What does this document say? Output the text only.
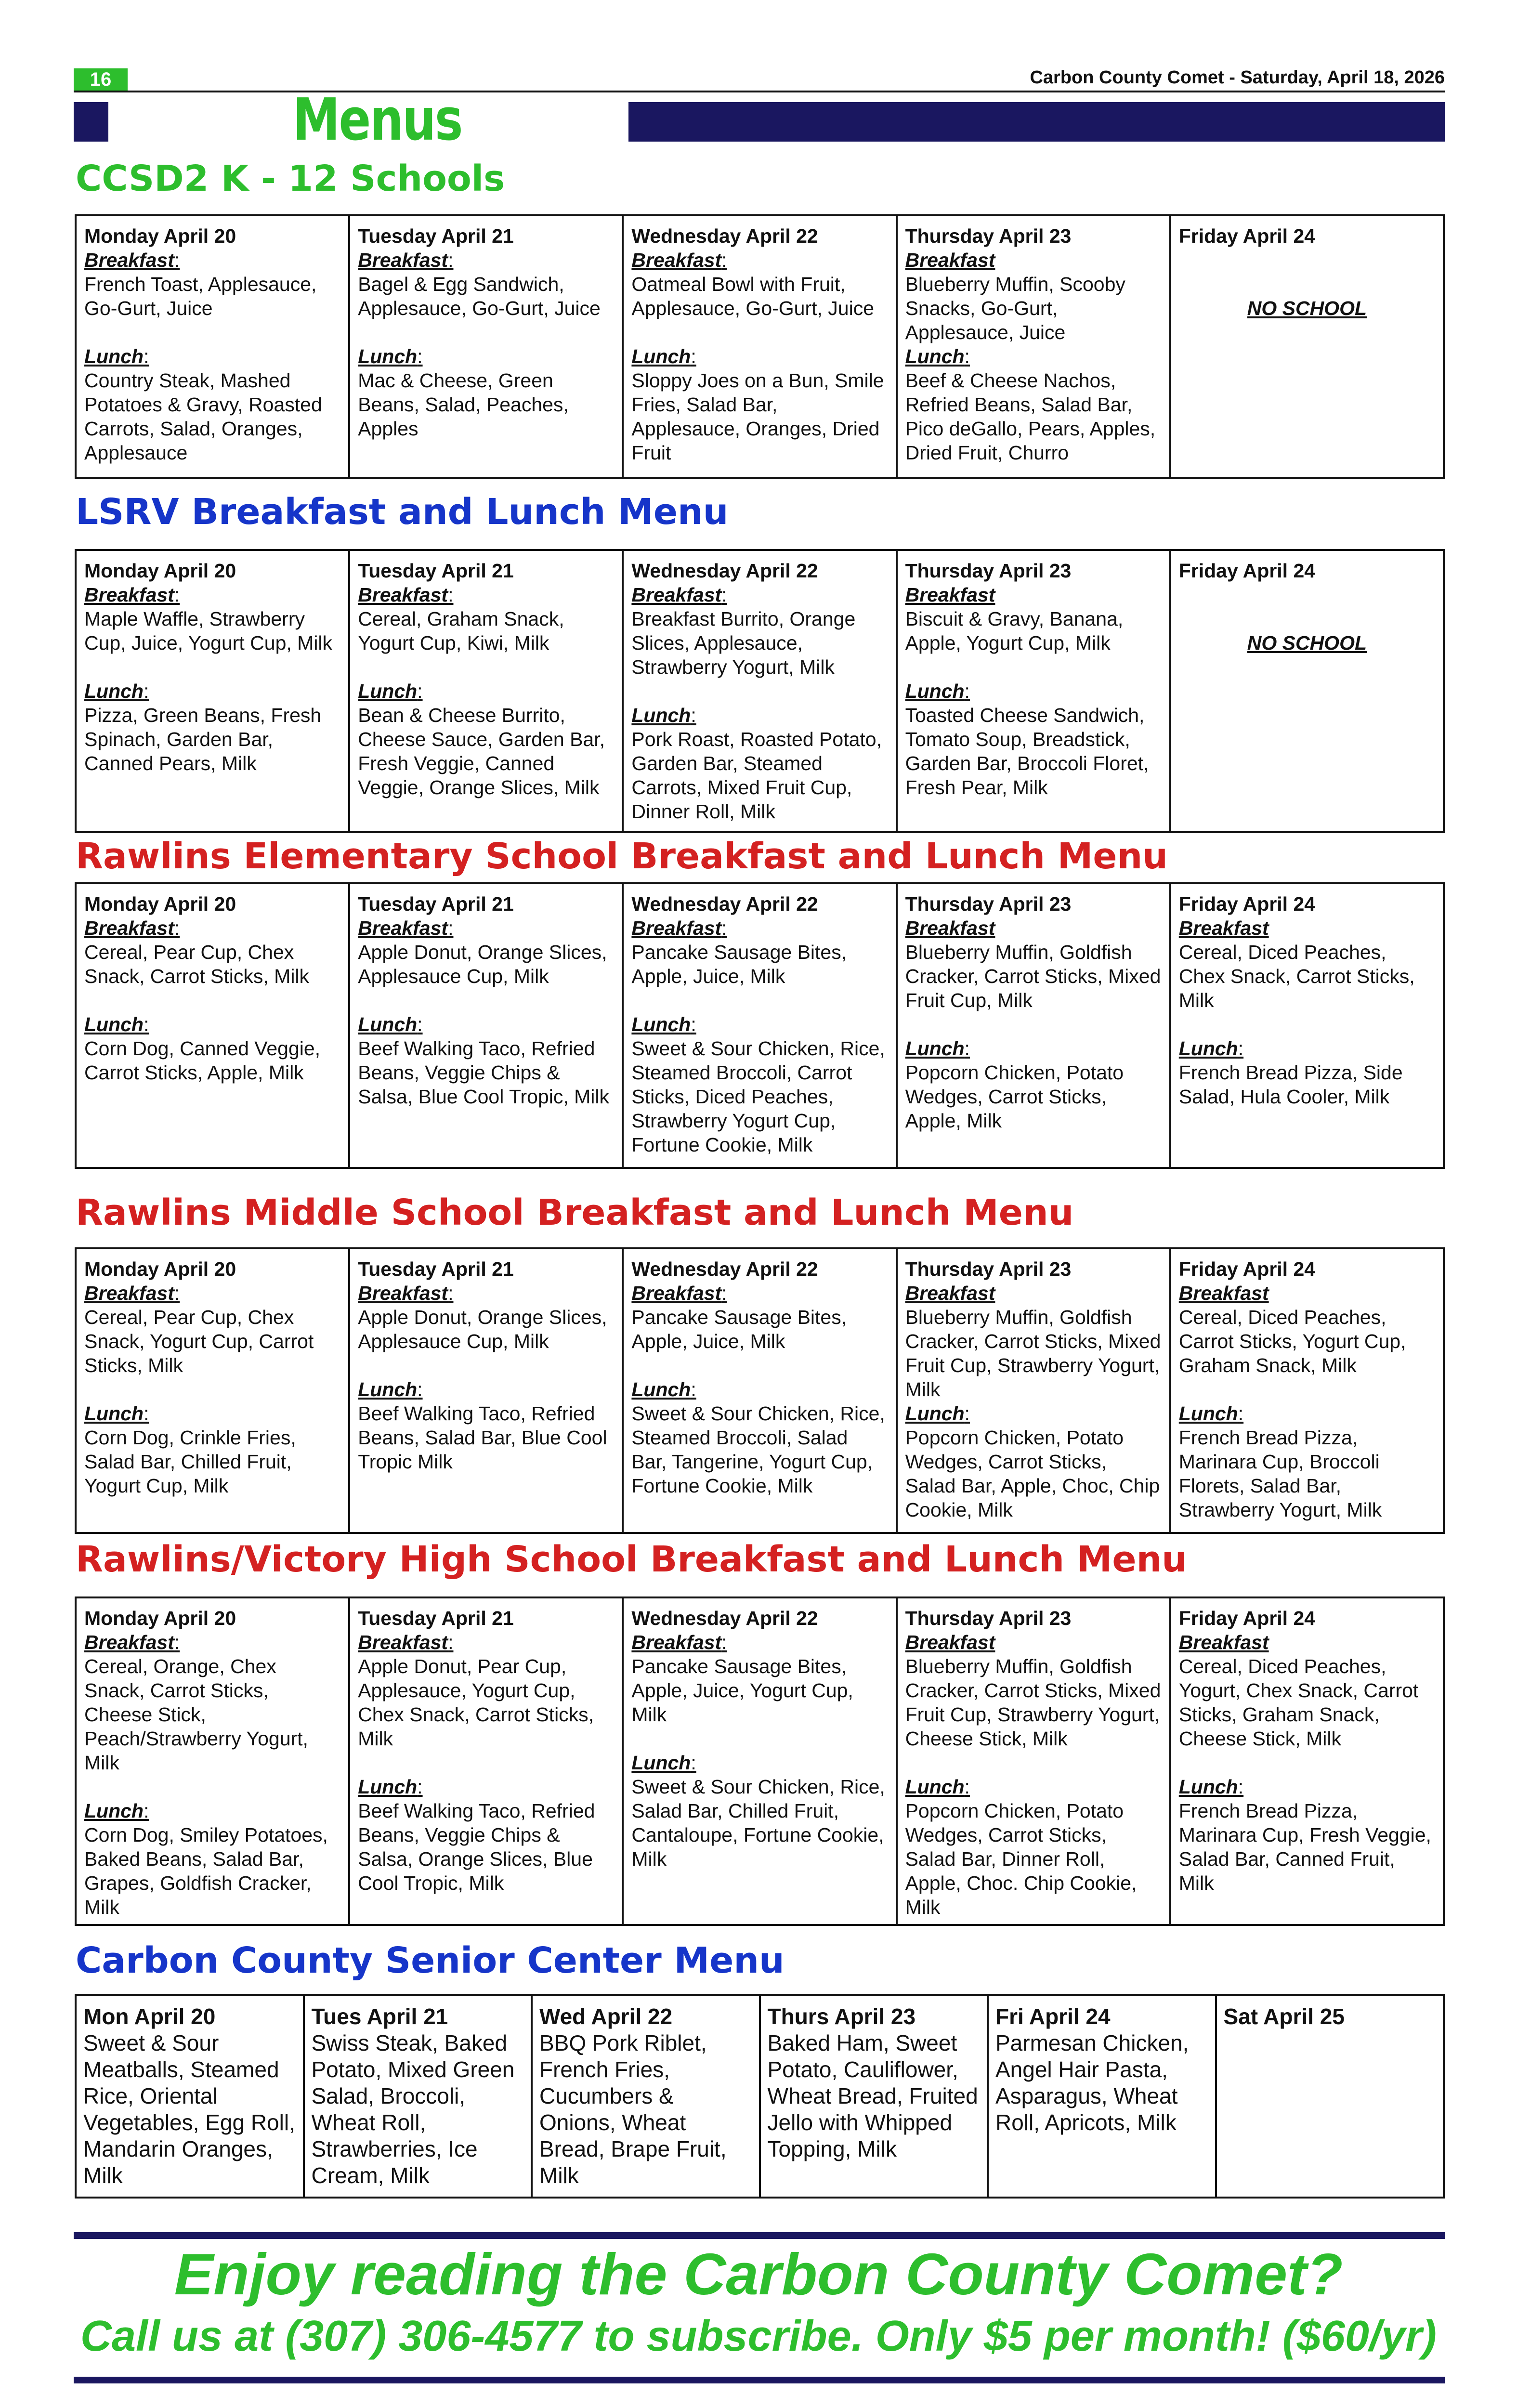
16	Carbon County Comet - Saturday, April 18, 2026
Menus
CCSD2 K - 12 Schools
Monday April 20
Breakfast:
French Toast, Applesauce, Go-Gurt, Juice
Lunch:
Country Steak, Mashed Potatoes & Gravy, Roasted Carrots, Salad, Oranges, Applesauce

Tuesday April 21
Breakfast:
Bagel & Egg Sandwich, Applesauce, Go-Gurt, Juice
Lunch:
Mac & Cheese, Green Beans, Salad, Peaches, Apples

Wednesday April 22
Breakfast:
Oatmeal Bowl with Fruit, Applesauce, Go-Gurt, Juice
Lunch:
Sloppy Joes on a Bun, Smile Fries, Salad Bar, Applesauce, Oranges, Dried Fruit

Thursday April 23
Breakfast
Blueberry Muffin, Scooby Snacks, Go-Gurt, Applesauce, Juice
Lunch:
Beef & Cheese Nachos, Refried Beans, Salad Bar, Pico deGallo, Pears, Apples, Dried Fruit, Churro

Friday April 24
NO SCHOOL
LSRV Breakfast and Lunch Menu
Monday April 20
Breakfast:
Maple Waffle, Strawberry Cup, Juice, Yogurt Cup, Milk
Lunch:
Pizza, Green Beans, Fresh Spinach, Garden Bar, Canned Pears, Milk

Tuesday April 21
Breakfast:
Cereal, Graham Snack, Yogurt Cup, Kiwi, Milk
Lunch:
Bean & Cheese Burrito, Cheese Sauce, Garden Bar, Fresh Veggie, Canned Veggie, Orange Slices, Milk

Wednesday April 22
Breakfast:
Breakfast Burrito, Orange Slices, Applesauce, Strawberry Yogurt, Milk
Lunch:
Pork Roast, Roasted Potato, Garden Bar, Steamed Carrots, Mixed Fruit Cup, Dinner Roll, Milk

Thursday April 23
Breakfast
Biscuit & Gravy, Banana, Apple, Yogurt Cup, Milk
Lunch:
Toasted Cheese Sandwich, Tomato Soup, Breadstick, Garden Bar, Broccoli Floret, Fresh Pear, Milk

Friday April 24
NO SCHOOL
Rawlins Elementary School Breakfast and Lunch Menu
Monday April 20
Breakfast:
Cereal, Pear Cup, Chex Snack, Carrot Sticks, Milk
Lunch:
Corn Dog, Canned Veggie, Carrot Sticks, Apple, Milk

Tuesday April 21
Breakfast:
Apple Donut, Orange Slices, Applesauce Cup, Milk
Lunch:
Beef Walking Taco, Refried Beans, Veggie Chips & Salsa, Blue Cool Tropic, Milk

Wednesday April 22
Breakfast:
Pancake Sausage Bites, Apple, Juice, Milk
Lunch:
Sweet & Sour Chicken, Rice, Steamed Broccoli, Carrot Sticks, Diced Peaches, Strawberry Yogurt Cup, Fortune Cookie, Milk

Thursday April 23
Breakfast
Blueberry Muffin, Goldfish Cracker, Carrot Sticks, Mixed Fruit Cup, Milk
Lunch:
Popcorn Chicken, Potato Wedges, Carrot Sticks, Apple, Milk

Friday April 24
Breakfast
Cereal, Diced Peaches, Chex Snack, Carrot Sticks, Milk
Lunch:
French Bread Pizza, Side Salad, Hula Cooler, Milk
Rawlins Middle School Breakfast and Lunch Menu
Monday April 20
Breakfast:
Cereal, Pear Cup, Chex Snack, Yogurt Cup, Carrot Sticks, Milk
Lunch:
Corn Dog, Crinkle Fries, Salad Bar, Chilled Fruit, Yogurt Cup, Milk

Tuesday April 21
Breakfast:
Apple Donut, Orange Slices, Applesauce Cup, Milk
Lunch:
Beef Walking Taco, Refried Beans, Salad Bar, Blue Cool Tropic Milk

Wednesday April 22
Breakfast:
Pancake Sausage Bites, Apple, Juice, Milk
Lunch:
Sweet & Sour Chicken, Rice, Steamed Broccoli, Salad Bar, Tangerine, Yogurt Cup, Fortune Cookie, Milk

Thursday April 23
Breakfast
Blueberry Muffin, Goldfish Cracker, Carrot Sticks, Mixed Fruit Cup, Strawberry Yogurt, Milk
Lunch:
Popcorn Chicken, Potato Wedges, Carrot Sticks, Salad Bar, Apple, Choc, Chip Cookie, Milk

Friday April 24
Breakfast
Cereal, Diced Peaches, Carrot Sticks, Yogurt Cup, Graham Snack, Milk
Lunch:
French Bread Pizza, Marinara Cup, Broccoli Florets, Salad Bar, Strawberry Yogurt, Milk
Rawlins/Victory High School Breakfast and Lunch Menu
Monday April 20
Breakfast:
Cereal, Orange, Chex Snack, Carrot Sticks, Cheese Stick, Peach/Strawberry Yogurt, Milk
Lunch:
Corn Dog, Smiley Potatoes, Baked Beans, Salad Bar, Grapes, Goldfish Cracker, Milk

Tuesday April 21
Breakfast:
Apple Donut, Pear Cup, Applesauce, Yogurt Cup, Chex Snack, Carrot Sticks, Milk
Lunch:
Beef Walking Taco, Refried Beans, Veggie Chips & Salsa, Orange Slices, Blue Cool Tropic, Milk

Wednesday April 22
Breakfast:
Pancake Sausage Bites, Apple, Juice, Yogurt Cup, Milk
Lunch:
Sweet & Sour Chicken, Rice, Salad Bar, Chilled Fruit, Cantaloupe, Fortune Cookie, Milk

Thursday April 23
Breakfast
Blueberry Muffin, Goldfish Cracker, Carrot Sticks, Mixed Fruit Cup, Strawberry Yogurt, Cheese Stick, Milk
Lunch:
Popcorn Chicken, Potato Wedges, Carrot Sticks, Salad Bar, Dinner Roll, Apple, Choc. Chip Cookie, Milk

Friday April 24
Breakfast
Cereal, Diced Peaches, Yogurt, Chex Snack, Carrot Sticks, Graham Snack, Cheese Stick, Milk
Lunch:
French Bread Pizza, Marinara Cup, Fresh Veggie, Salad Bar, Canned Fruit, Milk
Carbon County Senior Center Menu
Mon April 20
Sweet & Sour Meatballs, Steamed Rice, Oriental Vegetables, Egg Roll, Mandarin Oranges, Milk

Tues April 21
Swiss Steak, Baked Potato, Mixed Green Salad, Broccoli, Wheat Roll, Strawberries, Ice Cream, Milk

Wed April 22
BBQ Pork Riblet, French Fries, Cucumbers & Onions, Wheat Bread, Brape Fruit, Milk

Thurs April 23
Baked Ham, Sweet Potato, Cauliflower, Wheat Bread, Fruited Jello with Whipped Topping, Milk

Fri April 24
Parmesan Chicken, Angel Hair Pasta, Asparagus, Wheat Roll, Apricots, Milk

Sat April 25
Enjoy reading the Carbon County Comet?
Call us at (307) 306-4577 to subscribe. Only $5 per month! ($60/yr)
